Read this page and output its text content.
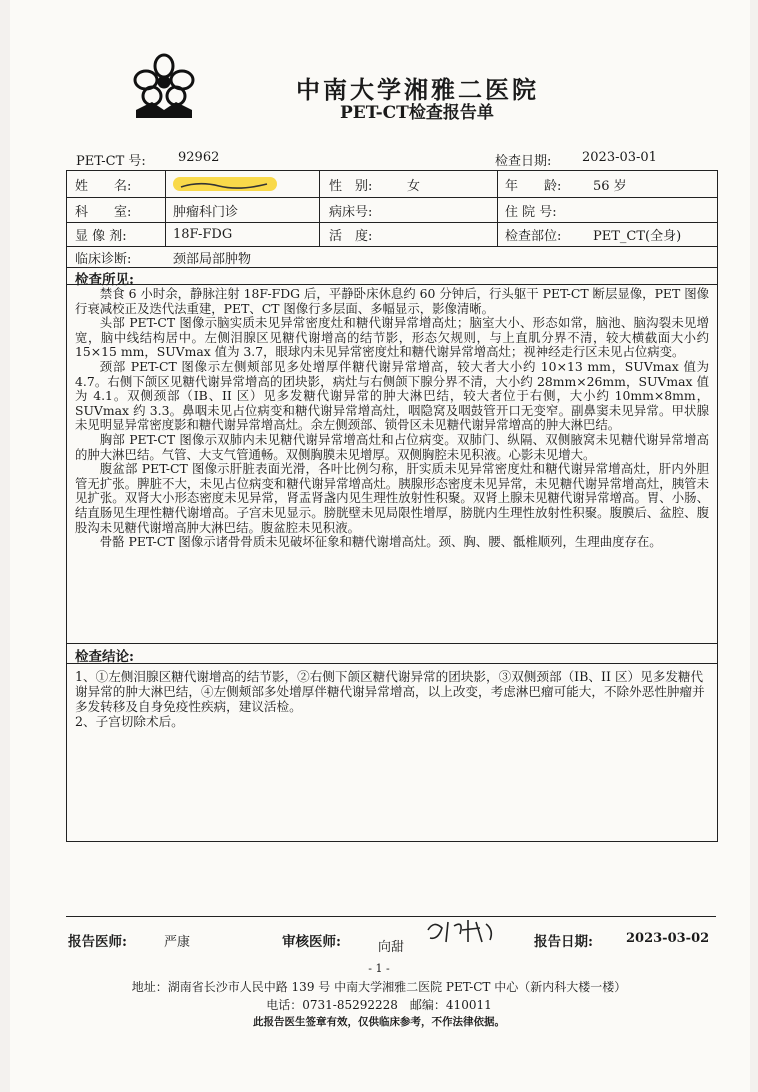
中南大学湘雅二医院
PET-CT检查报告单
PET-CT 号: 92962	检查日期: 2023-03-01
姓　　名:	性　别:	女	年　　龄: 56 岁
科　　室:	肿瘤科门诊	病床号:	住 院 号:
显 像 剂:	18F-FDG	活　度:	检查部位: PET_CT(全身)
临床诊断:	颈部局部肿物
检查所见:

禁食 6 小时余，静脉注射 18F-FDG 后，平静卧床休息约 60 分钟后，行头躯干 PET-CT 断层显像，PET 图像行衰减校正及迭代法重建，PET、CT 图像行多层面、多幅显示，影像清晰。

头部 PET-CT 图像示脑实质未见异常密度灶和糖代谢异常增高灶；脑室大小、形态如常，脑池、脑沟裂未见增宽，脑中线结构居中。左侧泪腺区见糖代谢增高的结节影，形态欠规则，与上直肌分界不清，较大横截面大小约 15×15 mm，SUVmax 值为 3.7，眼球内未见异常密度灶和糖代谢异常增高灶；视神经走行区未见占位病变。

颈部 PET-CT 图像示左侧颊部见多处增厚伴糖代谢异常增高，较大者大小约 10×13 mm，SUVmax 值为 4.7。右侧下颌区见糖代谢异常增高的团块影，病灶与右侧颌下腺分界不清，大小约 28mm×26mm，SUVmax 值为 4.1。双侧颈部（IB、II 区）见多发糖代谢异常的肿大淋巴结，较大者位于右侧，大小约 10mm×8mm，SUVmax 约 3.3。鼻咽未见占位病变和糖代谢异常增高灶，咽隐窝及咽鼓管开口无变窄。副鼻窦未见异常。甲状腺未见明显异常密度影和糖代谢异常增高灶。余左侧颈部、锁骨区未见糖代谢异常增高的肿大淋巴结。

胸部 PET-CT 图像示双肺内未见糖代谢异常增高灶和占位病变。双肺门、纵隔、双侧腋窝未见糖代谢异常增高的肿大淋巴结。气管、大支气管通畅。双侧胸膜未见增厚。双侧胸腔未见积液。心影未见增大。

腹盆部 PET-CT 图像示肝脏表面光滑，各叶比例匀称，肝实质未见异常密度灶和糖代谢异常增高灶，肝内外胆管无扩张。脾脏不大，未见占位病变和糖代谢异常增高灶。胰腺形态密度未见异常，未见糖代谢异常增高灶，胰管未见扩张。双肾大小形态密度未见异常，肾盂肾盏内见生理性放射性积聚。双肾上腺未见糖代谢异常增高。胃、小肠、结直肠见生理性糖代谢增高。子宫未见显示。膀胱壁未见局限性增厚，膀胱内生理性放射性积聚。腹膜后、盆腔、腹股沟未见糖代谢增高肿大淋巴结。腹盆腔未见积液。

骨骼 PET-CT 图像示诸骨骨质未见破坏征象和糖代谢增高灶。颈、胸、腰、骶椎顺列，生理曲度存在。

检查结论:

1、①左侧泪腺区糖代谢增高的结节影，②右侧下颌区糖代谢异常的团块影，③双侧颈部（IB、II 区）见多发糖代谢异常的肿大淋巴结，④左侧颊部多处增厚伴糖代谢异常增高，以上改变，考虑淋巴瘤可能大，不除外恶性肿瘤并多发转移及自身免疫性疾病，建议活检。

2、子宫切除术后。

报告医师:	严康	审核医师:	向甜	报告日期:	2023-03-02
- 1 -
地址：湖南省长沙市人民中路 139 号 中南大学湘雅二医院 PET-CT 中心（新内科大楼一楼）
电话：0731-85292228　邮编：410011
此报告医生签章有效，仅供临床参考，不作法律依据。
